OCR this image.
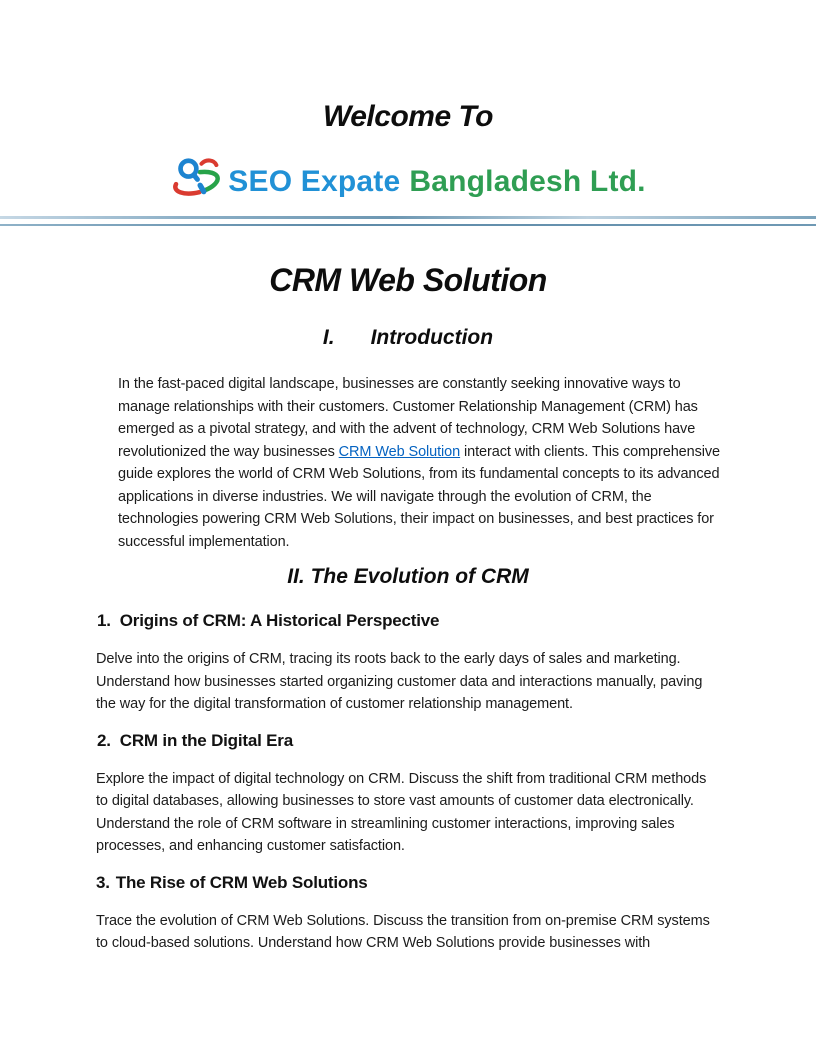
Welcome To
SEO Expate Bangladesh Ltd.
CRM Web Solution
I. Introduction

In the fast-paced digital landscape, businesses are constantly seeking innovative ways to manage relationships with their customers. Customer Relationship Management (CRM) has emerged as a pivotal strategy, and with the advent of technology, CRM Web Solutions have revolutionized the way businesses CRM Web Solution interact with clients. This comprehensive guide explores the world of CRM Web Solutions, from its fundamental concepts to its advanced applications in diverse industries. We will navigate through the evolution of CRM, the technologies powering CRM Web Solutions, their impact on businesses, and best practices for successful implementation.

II. The Evolution of CRM
1. Origins of CRM: A Historical Perspective

Delve into the origins of CRM, tracing its roots back to the early days of sales and marketing. Understand how businesses started organizing customer data and interactions manually, paving the way for the digital transformation of customer relationship management.

2. CRM in the Digital Era

Explore the impact of digital technology on CRM. Discuss the shift from traditional CRM methods to digital databases, allowing businesses to store vast amounts of customer data electronically. Understand the role of CRM software in streamlining customer interactions, improving sales processes, and enhancing customer satisfaction.

3. The Rise of CRM Web Solutions

Trace the evolution of CRM Web Solutions. Discuss the transition from on-premise CRM systems to cloud-based solutions. Understand how CRM Web Solutions provide businesses with
